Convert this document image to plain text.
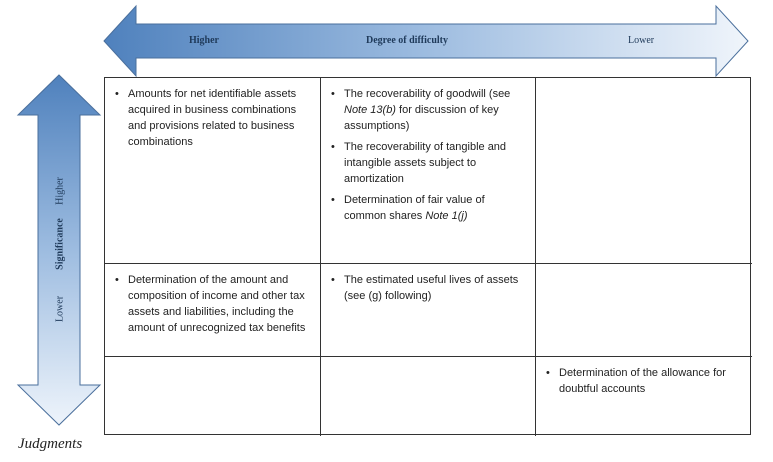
Higher	Degree of difficulty	Lower
Higher
Significance
Lower
• Amounts for net identifiable assets acquired in business combinations and provisions related to business combinations
• The recoverability of goodwill (see Note 13(b) for discussion of key assumptions)
• The recoverability of tangible and intangible assets subject to amortization
• Determination of fair value of common shares Note 1(j)
• Determination of the amount and composition of income and other tax assets and liabilities, including the amount of unrecognized tax benefits
• The estimated useful lives of assets (see (g) following)
• Determination of the allowance for doubtful accounts
Judgments
